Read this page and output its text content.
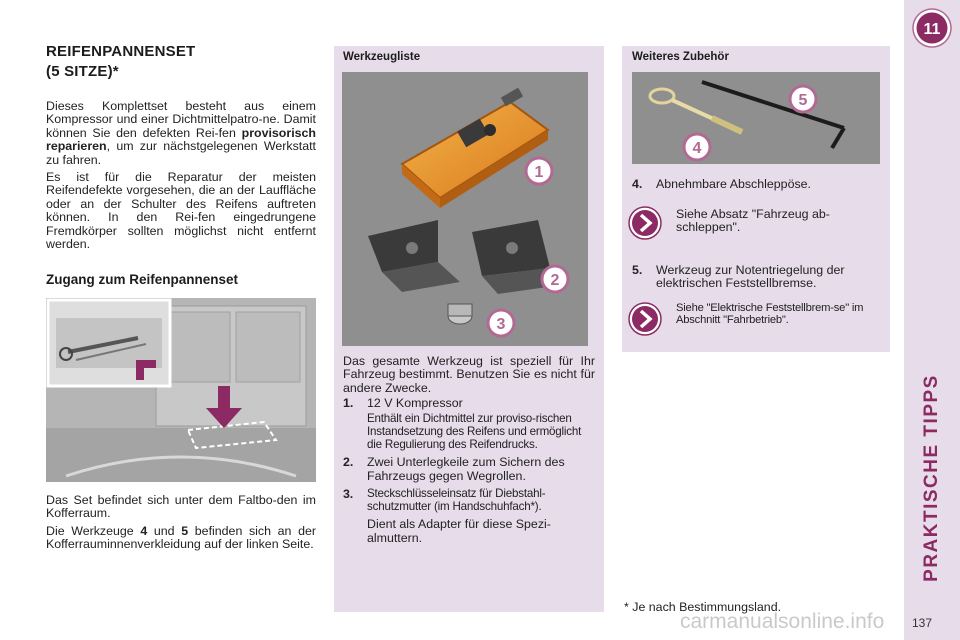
REIFENPANNENSET
(5 SITZE)*

Dieses Komplettset besteht aus einem Kompressor und einer Dichtmittelpatro-ne. Damit können Sie den defekten Rei-fen provisorisch reparieren, um zur nächstgelegenen Werkstatt zu fahren.

Es ist für die Reparatur der meisten Reifendefekte vorgesehen, die an der Lauffläche oder an der Schulter des Reifens auftreten können. In den Rei-fen eingedrungene Fremdkörper sollten möglichst nicht entfernt werden.

Zugang zum Reifenpannenset

Das Set befindet sich unter dem Faltbo-den im Kofferraum.

Die Werkzeuge 4 und 5 befinden sich an der Kofferrauminnenverkleidung auf der linken Seite.

Werkzeugliste
1
2
3
Das gesamte Werkzeug ist speziell für Ihr Fahrzeug bestimmt. Benutzen Sie es nicht für andere Zwecke.
1.	12 V Kompressor
Enthält ein Dichtmittel zur proviso-rischen Instandsetzung des Reifens und ermöglicht die Regulierung des Reifendrucks.
2.	Zwei Unterlegkeile zum Sichern des Fahrzeugs gegen Wegrollen.
3.	Steckschlüsseleinsatz für Diebstahl-schutzmutter (im Handschuhfach*).
Dient als Adapter für diese Spezi-almuttern.
Weiteres Zubehör
5
4
4.	Abnehmbare Abschleppöse.
Siehe Absatz "Fahrzeug ab-schleppen".
5.	Werkzeug zur Notentriegelung der elektrischen Feststellbremse.
Siehe "Elektrische Feststellbrem-se" im Abschnitt "Fahrbetrieb".
* Je nach Bestimmungsland.
11
PRAKTISCHE TIPPS
137
carmanualsonline.info
